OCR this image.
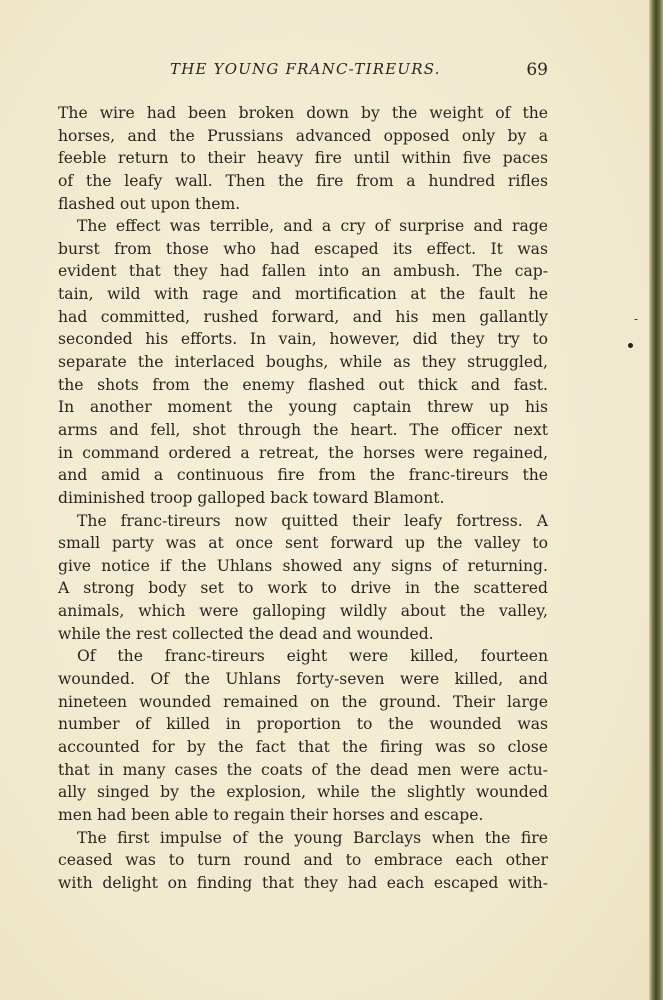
THE YOUNG FRANC-TIREURS.	69
The wire had been broken down by the weight of the
horses, and the Prussians advanced opposed only by a
feeble return to their heavy fire until within five paces
of the leafy wall. Then the fire from a hundred rifles
flashed out upon them.
The effect was terrible, and a cry of surprise and rage
burst from those who had escaped its effect. It was
evident that they had fallen into an ambush. The cap-
tain, wild with rage and mortification at the fault he
had committed, rushed forward, and his men gallantly
seconded his efforts. In vain, however, did they try to
separate the interlaced boughs, while as they struggled,
the shots from the enemy flashed out thick and fast.
In another moment the young captain threw up his
arms and fell, shot through the heart. The officer next
in command ordered a retreat, the horses were regained,
and amid a continuous fire from the franc-tireurs the
diminished troop galloped back toward Blamont.
The franc-tireurs now quitted their leafy fortress. A
small party was at once sent forward up the valley to
give notice if the Uhlans showed any signs of returning.
A strong body set to work to drive in the scattered
animals, which were galloping wildly about the valley,
while the rest collected the dead and wounded.
Of the franc-tireurs eight were killed, fourteen
wounded. Of the Uhlans forty-seven were killed, and
nineteen wounded remained on the ground. Their large
number of killed in proportion to the wounded was
accounted for by the fact that the firing was so close
that in many cases the coats of the dead men were actu-
ally singed by the explosion, while the slightly wounded
men had been able to regain their horses and escape.
The first impulse of the young Barclays when the fire
ceased was to turn round and to embrace each other
with delight on finding that they had each escaped with-
-
